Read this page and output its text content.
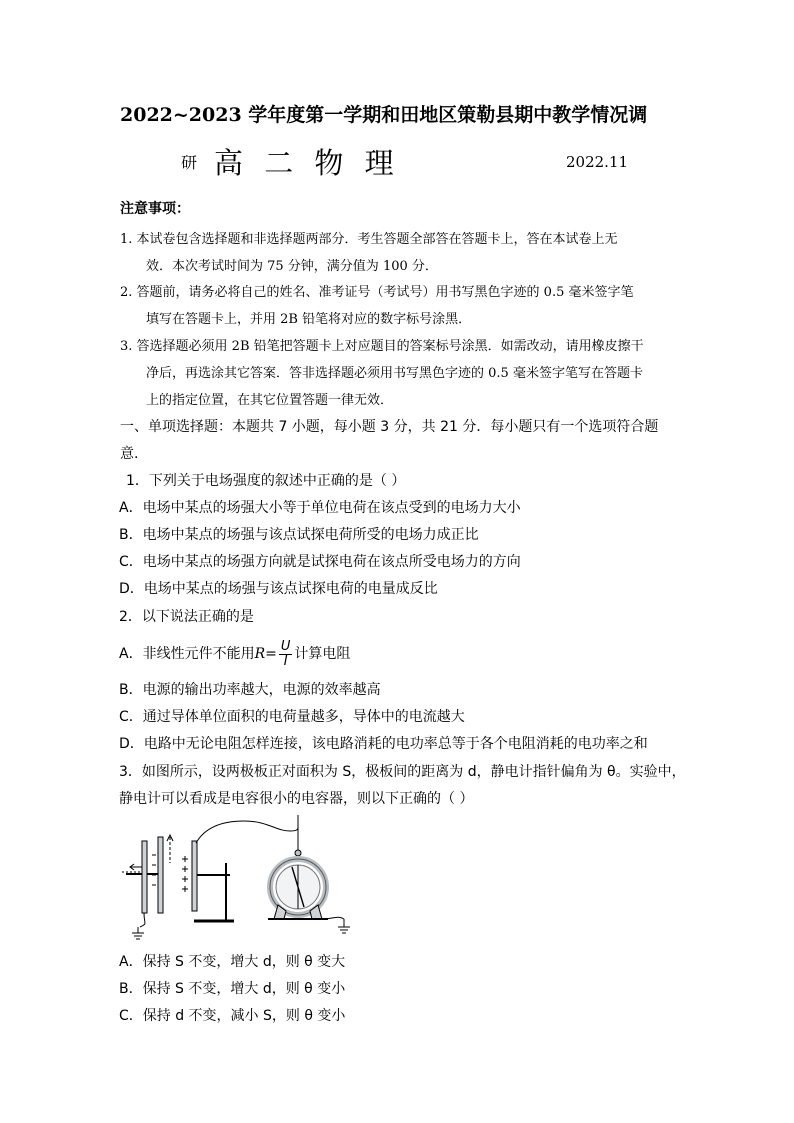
2022~2023 学年度第一学期和田地区策勒县期中教学情况调
研 高 二 物 理	2022.11
注意事项：
1. 本试卷包含选择题和非选择题两部分．考生答题全部答在答题卡上，答在本试卷上无
效．本次考试时间为 75 分钟，满分值为 100 分．
2. 答题前，请务必将自己的姓名、准考证号（考试号）用书写黑色字迹的 0.5 毫米签字笔
填写在答题卡上，并用 2B 铅笔将对应的数字标号涂黑．
3. 答选择题必须用 2B 铅笔把答题卡上对应题目的答案标号涂黑．如需改动，请用橡皮擦干
净后，再选涂其它答案．答非选择题必须用书写黑色字迹的 0.5 毫米签字笔写在答题卡
上的指定位置，在其它位置答题一律无效．
一、单项选择题：本题共 7 小题，每小题 3 分，共 21 分．每小题只有一个选项符合题
意.
1．下列关于电场强度的叙述中正确的是（ ）
A．电场中某点的场强大小等于单位电荷在该点受到的电场力大小
B．电场中某点的场强与该点试探电荷所受的电场力成正比
C．电场中某点的场强方向就是试探电荷在该点所受电场力的方向
D．电场中某点的场强与该点试探电荷的电量成反比
2．以下说法正确的是
A．非线性元件不能用$R= \frac{U}{I}$ 计算电阻
B．电源的输出功率越大，电源的效率越高
C．通过导体单位面积的电荷量越多，导体中的电流越大
D．电路中无论电阻怎样连接，该电路消耗的电功率总等于各个电阻消耗的电功率之和
3．如图所示，设两极板正对面积为 S，极板间的距离为 d，静电计指针偏角为 θ。实验中，
静电计可以看成是电容很小的电容器，则以下正确的（ ）
A．保持 S 不变，增大 d，则 θ 变大
B．保持 S 不变，增大 d，则 θ 变小
C．保持 d 不变，减小 S，则 θ 变小
